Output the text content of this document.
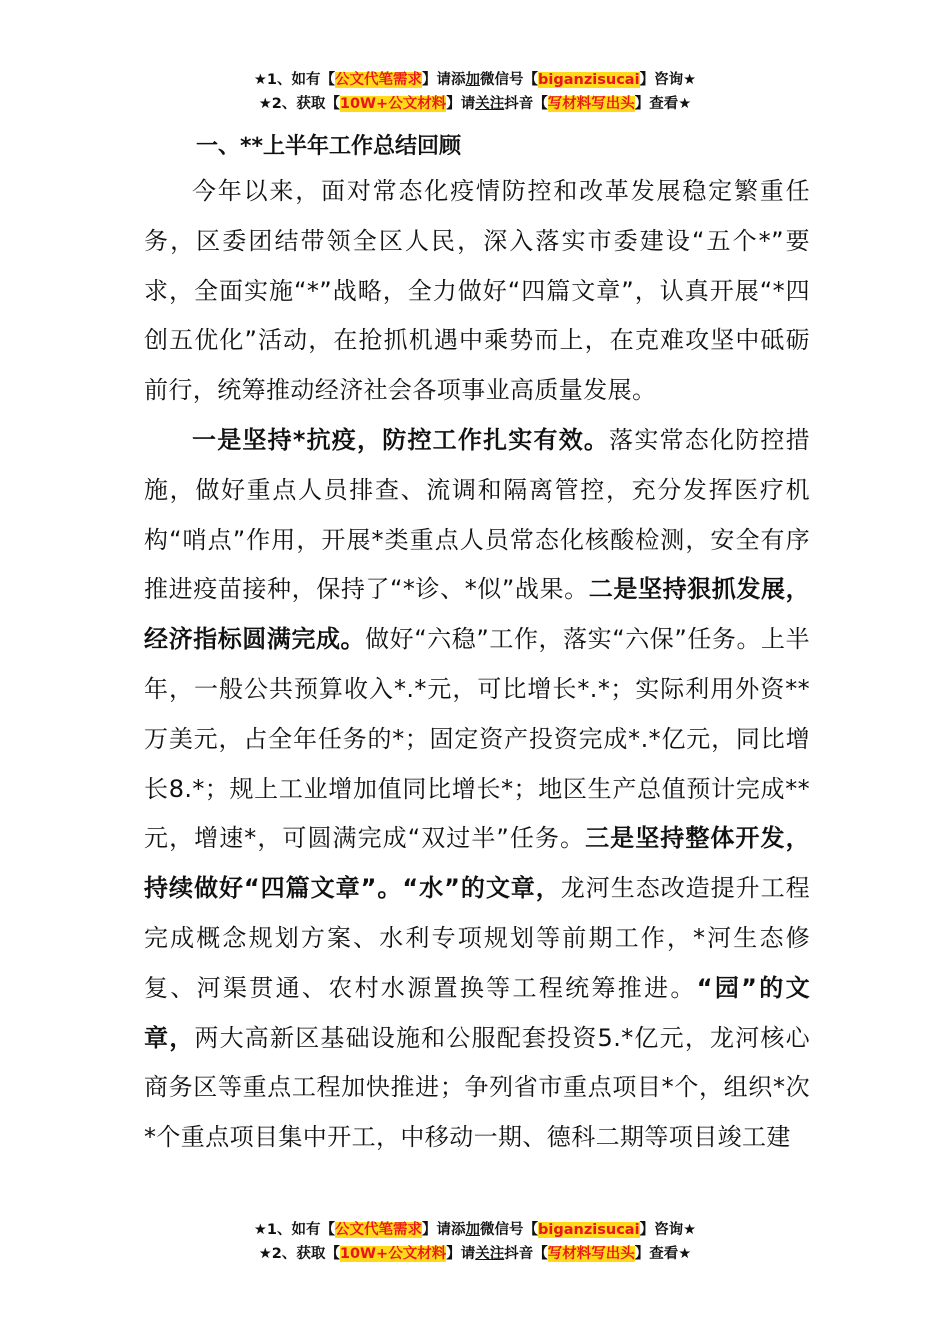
★1、如有【公文代笔需求】请添加微信号【biganzisucai】咨询★
★2、获取【10W+公文材料】请关注抖音【写材料写出头】查看★
一、**上半年工作总结回顾

今年以来，面对常态化疫情防控和改革发展稳定繁重任务，区委团结带领全区人民，深入落实市委建设“五个*”要求，全面实施“*”战略，全力做好“四篇文章”，认真开展“*四创五优化”活动，在抢抓机遇中乘势而上，在克难攻坚中砥砺前行，统筹推动经济社会各项事业高质量发展。

一是坚持*抗疫，防控工作扎实有效。落实常态化防控措施，做好重点人员排查、流调和隔离管控，充分发挥医疗机构“哨点”作用，开展*类重点人员常态化核酸检测，安全有序推进疫苗接种，保持了“*诊、*似”战果。二是坚持狠抓发展，经济指标圆满完成。做好“六稳”工作，落实“六保”任务。上半年，一般公共预算收入*.*元，可比增长*.*；实际利用外资**万美元，占全年任务的*；固定资产投资完成*.*亿元，同比增长8.*；规上工业增加值同比增长*；地区生产总值预计完成**元，增速*，可圆满完成“双过半”任务。三是坚持整体开发，持续做好“四篇文章”。“水”的文章，龙河生态改造提升工程完成概念规划方案、水利专项规划等前期工作，*河生态修复、河渠贯通、农村水源置换等工程统筹推进。“园”的文章，两大高新区基础设施和公服配套投资5.*亿元，龙河核心商务区等重点工程加快推进；争列省市重点项目*个，组织*次*个重点项目集中开工，中移动一期、德科二期等项目竣工建

★1、如有【公文代笔需求】请添加微信号【biganzisucai】咨询★
★2、获取【10W+公文材料】请关注抖音【写材料写出头】查看★
